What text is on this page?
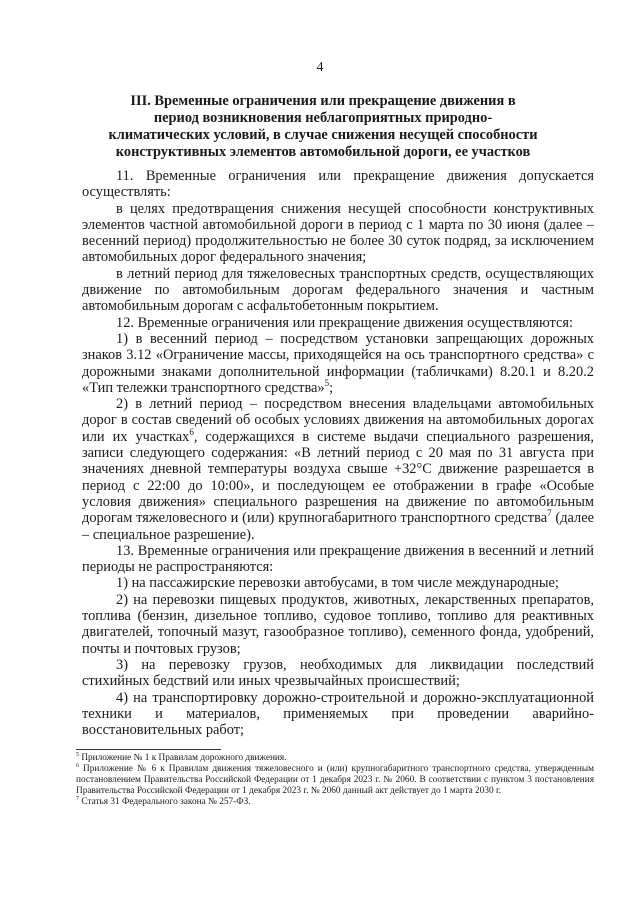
4
III. Временные ограничения или прекращение движения в период возникновения неблагоприятных природно-климатических условий, в случае снижения несущей способности конструктивных элементов автомобильной дороги, ее участков

11. Временные ограничения или прекращение движения допускается осуществлять:

в целях предотвращения снижения несущей способности конструктивных элементов частной автомобильной дороги в период с 1 марта по 30 июня (далее – весенний период) продолжительностью не более 30 суток подряд, за исключением автомобильных дорог федерального значения;

в летний период для тяжеловесных транспортных средств, осуществляющих движение по автомобильным дорогам федерального значения и частным автомобильным дорогам с асфальтобетонным покрытием.

12. Временные ограничения или прекращение движения осуществляются:

1) в весенний период – посредством установки запрещающих дорожных знаков 3.12 «Ограничение массы, приходящейся на ось транспортного средства» с дорожными знаками дополнительной информации (табличками) 8.20.1 и 8.20.2 «Тип тележки транспортного средства»$^5$;

2) в летний период – посредством внесения владельцами автомобильных дорог в состав сведений об особых условиях движения на автомобильных дорогах или их участках$^6$, содержащихся в системе выдачи специального разрешения, записи следующего содержания: «В летний период с 20 мая по 31 августа при значениях дневной температуры воздуха свыше +32°С движение разрешается в период с 22:00 до 10:00», и последующем ее отображении в графе «Особые условия движения» специального разрешения на движение по автомобильным дорогам тяжеловесного и (или) крупногабаритного транспортного средства$^7$ (далее – специальное разрешение).

13. Временные ограничения или прекращение движения в весенний и летний периоды не распространяются:

1) на пассажирские перевозки автобусами, в том числе международные;

2) на перевозки пищевых продуктов, животных, лекарственных препаратов, топлива (бензин, дизельное топливо, судовое топливо, топливо для реактивных двигателей, топочный мазут, газообразное топливо), семенного фонда, удобрений, почты и почтовых грузов;

3) на перевозку грузов, необходимых для ликвидации последствий стихийных бедствий или иных чрезвычайных происшествий;

4) на транспортировку дорожно-строительной и дорожно-эксплуатационной техники и материалов, применяемых при проведении аварийно-восстановительных работ;

$^5$ Приложение № 1 к Правилам дорожного движения.

$^6$ Приложение № 6 к Правилам движения тяжеловесного и (или) крупногабаритного транспортного средства, утвержденным постановлением Правительства Российской Федерации от 1 декабря 2023 г. № 2060. В соответствии с пунктом 3 постановления Правительства Российской Федерации от 1 декабря 2023 г. № 2060 данный акт действует до 1 марта 2030 г.

$^7$ Статья 31 Федерального закона № 257-ФЗ.
